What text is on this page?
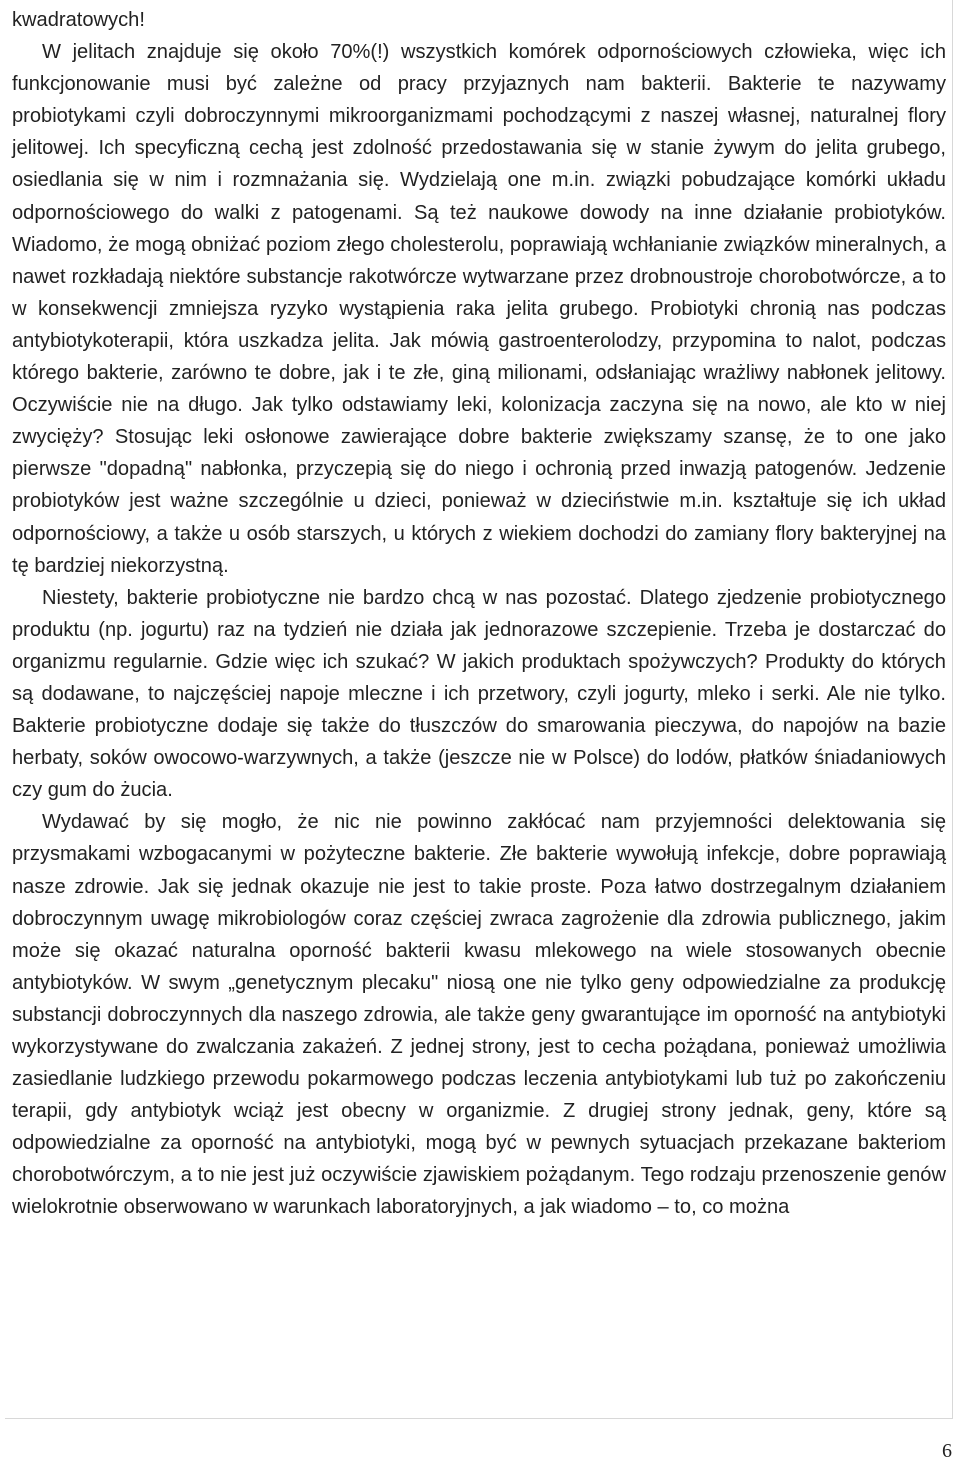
kwadratowych!

W jelitach znajduje się około 70%(!) wszystkich komórek odpornościowych człowieka, więc ich funkcjonowanie musi być zależne od pracy przyjaznych nam bakterii. Bakterie te nazywamy probiotykami czyli dobroczynnymi mikroorganizmami pochodzącymi z naszej własnej, naturalnej flory jelitowej. Ich specyficzną cechą jest zdolność przedostawania się w stanie żywym do jelita grubego, osiedlania się w nim i rozmnażania się. Wydzielają one m.in. związki pobudzające komórki układu odpornościowego do walki z patogenami. Są też naukowe dowody na inne działanie probiotyków. Wiadomo, że mogą obniżać poziom złego cholesterolu, poprawiają wchłanianie związków mineralnych, a nawet rozkładają niektóre substancje rakotwórcze wytwarzane przez drobnoustroje chorobotwórcze, a to w konsekwencji zmniejsza ryzyko wystąpienia raka jelita grubego. Probiotyki chronią nas podczas antybiotykoterapii, która uszkadza jelita. Jak mówią gastroenterolodzy, przypomina to nalot, podczas którego bakterie, zarówno te dobre, jak i te złe, giną milionami, odsłaniając wrażliwy nabłonek jelitowy. Oczywiście nie na długo. Jak tylko odstawiamy leki, kolonizacja zaczyna się na nowo, ale kto w niej zwycięży? Stosując leki osłonowe zawierające dobre bakterie zwiększamy szansę, że to one jako pierwsze "dopadną" nabłonka, przyczepią się do niego i ochronią przed inwazją patogenów. Jedzenie probiotyków jest ważne szczególnie u dzieci, ponieważ w dzieciństwie m.in. kształtuje się ich układ odpornościowy, a także u osób starszych, u których z wiekiem dochodzi do zamiany flory bakteryjnej na tę bardziej niekorzystną.

Niestety, bakterie probiotyczne nie bardzo chcą w nas pozostać. Dlatego zjedzenie probiotycznego produktu (np. jogurtu) raz na tydzień nie działa jak jednorazowe szczepienie. Trzeba je dostarczać do organizmu regularnie. Gdzie więc ich szukać? W jakich produktach spożywczych? Produkty do których są dodawane, to najczęściej napoje mleczne i ich przetwory, czyli jogurty, mleko i serki. Ale nie tylko. Bakterie probiotyczne dodaje się także do tłuszczów do smarowania pieczywa, do napojów na bazie herbaty, soków owocowo-warzywnych, a także (jeszcze nie w Polsce) do lodów, płatków śniadaniowych czy gum do żucia.

Wydawać by się mogło, że nic nie powinno zakłócać nam przyjemności delektowania się przysmakami wzbogacanymi w pożyteczne bakterie. Złe bakterie wywołują infekcje, dobre poprawiają nasze zdrowie. Jak się jednak okazuje nie jest to takie proste. Poza łatwo dostrzegalnym działaniem dobroczynnym uwagę mikrobiologów coraz częściej zwraca zagrożenie dla zdrowia publicznego, jakim może się okazać naturalna oporność bakterii kwasu mlekowego na wiele stosowanych obecnie antybiotyków. W swym „genetycznym plecaku" niosą one nie tylko geny odpowiedzialne za produkcję substancji dobroczynnych dla naszego zdrowia, ale także geny gwarantujące im oporność na antybiotyki wykorzystywane do zwalczania zakażeń. Z jednej strony, jest to cecha pożądana, ponieważ umożliwia zasiedlanie ludzkiego przewodu pokarmowego podczas leczenia antybiotykami lub tuż po zakończeniu terapii, gdy antybiotyk wciąż jest obecny w organizmie. Z drugiej strony jednak, geny, które są odpowiedzialne za oporność na antybiotyki, mogą być w pewnych sytuacjach przekazane bakteriom chorobotwórczym, a to nie jest już oczywiście zjawiskiem pożądanym. Tego rodzaju przenoszenie genów wielokrotnie obserwowano w warunkach laboratoryjnych, a jak wiadomo – to, co można

6
